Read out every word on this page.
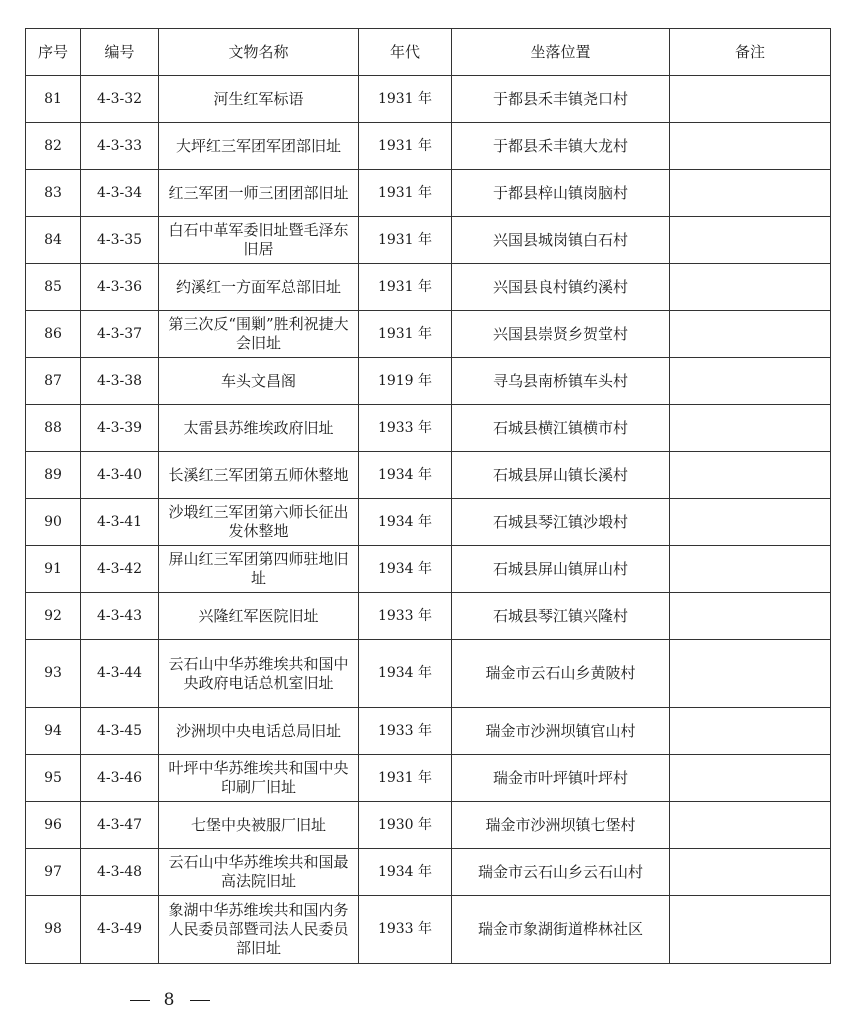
序号	编号	文物名称	年代	坐落位置	备注
81	4-3-32	河生红军标语	1931 年	于都县禾丰镇尧口村	
82	4-3-33	大坪红三军团军团部旧址	1931 年	于都县禾丰镇大龙村	
83	4-3-34	红三军团一师三团团部旧址	1931 年	于都县梓山镇岗脑村	
84	4-3-35	白石中革军委旧址暨毛泽东旧居	1931 年	兴国县城岗镇白石村	
85	4-3-36	约溪红一方面军总部旧址	1931 年	兴国县良村镇约溪村	
86	4-3-37	第三次反“围剿”胜利祝捷大会旧址	1931 年	兴国县崇贤乡贺堂村	
87	4-3-38	车头文昌阁	1919 年	寻乌县南桥镇车头村	
88	4-3-39	太雷县苏维埃政府旧址	1933 年	石城县横江镇横市村	
89	4-3-40	长溪红三军团第五师休整地	1934 年	石城县屏山镇长溪村	
90	4-3-41	沙塅红三军团第六师长征出发休整地	1934 年	石城县琴江镇沙塅村	
91	4-3-42	屏山红三军团第四师驻地旧址	1934 年	石城县屏山镇屏山村	
92	4-3-43	兴隆红军医院旧址	1933 年	石城县琴江镇兴隆村	
93	4-3-44	云石山中华苏维埃共和国中央政府电话总机室旧址	1934 年	瑞金市云石山乡黄陂村	
94	4-3-45	沙洲坝中央电话总局旧址	1933 年	瑞金市沙洲坝镇官山村	
95	4-3-46	叶坪中华苏维埃共和国中央印刷厂旧址	1931 年	瑞金市叶坪镇叶坪村	
96	4-3-47	七堡中央被服厂旧址	1930 年	瑞金市沙洲坝镇七堡村	
97	4-3-48	云石山中华苏维埃共和国最高法院旧址	1934 年	瑞金市云石山乡云石山村	
98	4-3-49	象湖中华苏维埃共和国内务人民委员部暨司法人民委员部旧址	1933 年	瑞金市象湖街道桦林社区	
8
